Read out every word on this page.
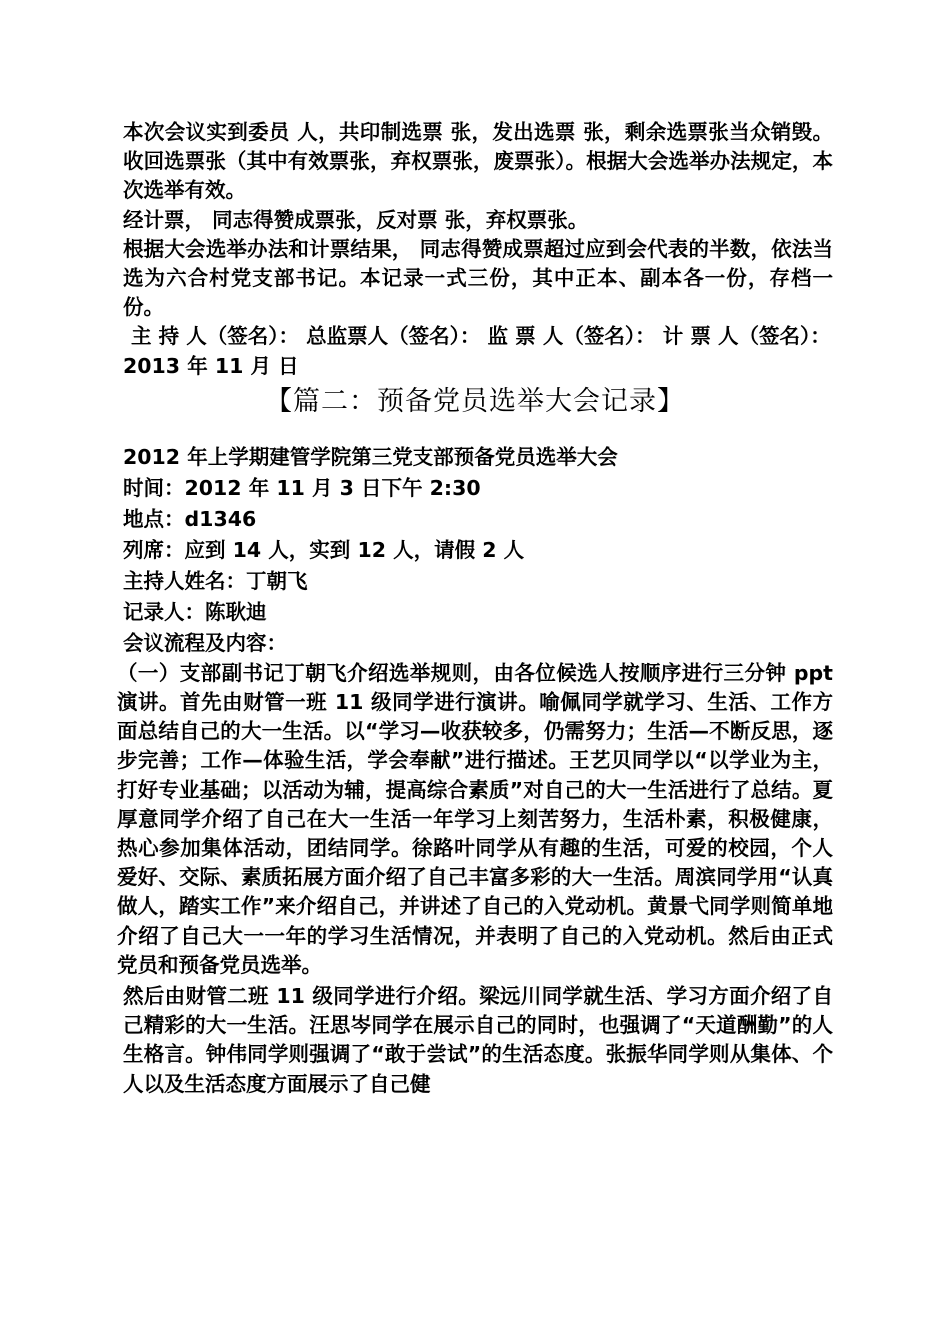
本次会议实到委员 人，共印制选票 张，发出选票 张，剩余选票张当众销毁。收回选票张（其中有效票张，弃权票张，废票张）。根据大会选举办法规定，本次选举有效。

经计票， 同志得赞成票张，反对票 张，弃权票张。

根据大会选举办法和计票结果， 同志得赞成票超过应到会代表的半数，依法当选为六合村党支部书记。本记录一式三份，其中正本、副本各一份，存档一份。

主 持 人（签名）： 总监票人（签名）： 监 票 人（签名）： 计 票 人（签名）：

2013 年 11 月 日

【篇二：预备党员选举大会记录】

2012 年上学期建管学院第三党支部预备党员选举大会

时间：2012 年 11 月 3 日下午 2:30

地点：d1346

列席：应到 14 人，实到 12 人，请假 2 人

主持人姓名：丁朝飞

记录人：陈耿迪

会议流程及内容：

（一）支部副书记丁朝飞介绍选举规则，由各位候选人按顺序进行三分钟 ppt 演讲。首先由财管一班 11 级同学进行演讲。喻佩同学就学习、生活、工作方面总结自己的大一生活。以“学习—收获较多，仍需努力；生活—不断反思，逐步完善；工作—体验生活，学会奉献”进行描述。王艺贝同学以“以学业为主，打好专业基础；以活动为辅，提高综合素质”对自己的大一生活进行了总结。夏厚意同学介绍了自己在大一生活一年学习上刻苦努力，生活朴素，积极健康，热心参加集体活动，团结同学。徐路叶同学从有趣的生活，可爱的校园，个人爱好、交际、素质拓展方面介绍了自己丰富多彩的大一生活。周滨同学用“认真做人，踏实工作”来介绍自己，并讲述了自己的入党动机。黄景弋同学则简单地介绍了自己大一一年的学习生活情况，并表明了自己的入党动机。然后由正式党员和预备党员选举。

然后由财管二班 11 级同学进行介绍。梁远川同学就生活、学习方面介绍了自己精彩的大一生活。汪思岑同学在展示自己的同时，也强调了“天道酬勤”的人生格言。钟伟同学则强调了“敢于尝试”的生活态度。张振华同学则从集体、个人以及生活态度方面展示了自己健
